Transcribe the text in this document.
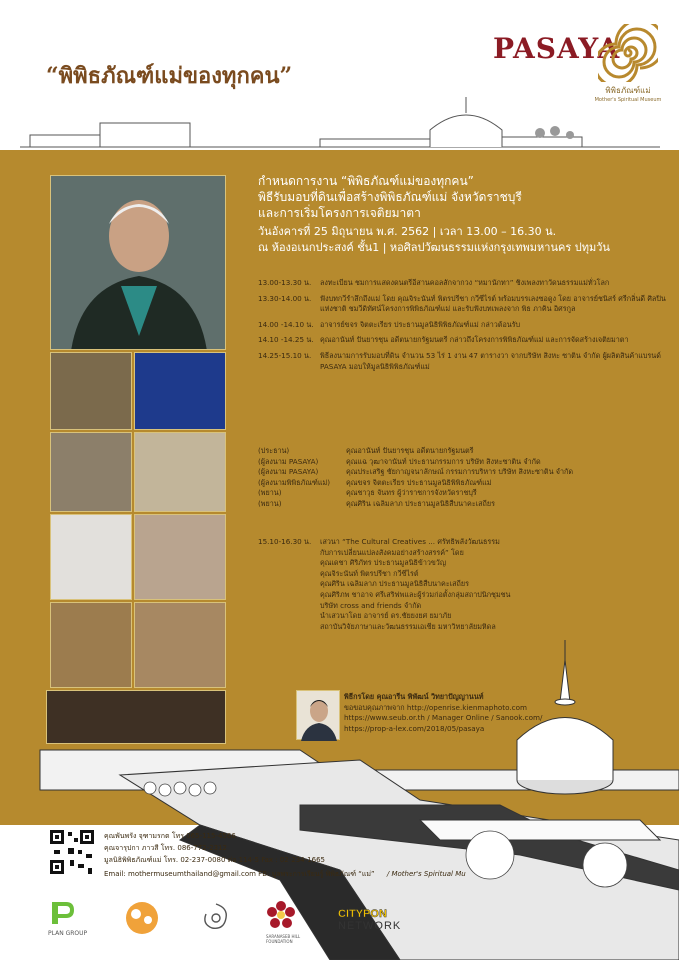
“พิพิธภัณฑ์แม่ของทุกคน”
PASAYA
พิพิธภัณฑ์แม่
Mother's Spiritual Museum
กำหนดการงาน “พิพิธภัณฑ์แม่ของทุกคน”
พิธีรับมอบที่ดินเพื่อสร้างพิพิธภัณฑ์แม่ จังหวัดราชบุรี
และการเริ่มโครงการเจติยมาตา
วันอังคารที่ 25 มิถุนายน พ.ศ. 2562 | เวลา 13.00 – 16.30 น.
ณ ห้องอเนกประสงค์ ชั้น1 | หอศิลปวัฒนธรรมแห่งกรุงเทพมหานคร ปทุมวัน
13.00-13.30 น.	ลงทะเบียน ชมการแสดงดนตรีอีสานคอลสักจากวง “หมานักทา” ชิงเพลงทาวัดนธรรมแม่ทั่วโลก
13.30-14.00 น.	ฟังบทกวีรำลึกถึงแม่ โดย คุณจิระนันท์ พิตรปรีชา กวีซีไรต์ พร้อมบรรเลงซอดูง โดย อาจารย์ชนิสร์ ศรีกลิ่นดี ศิลปินแห่งชาติ ชมวีดิทัศน์โครงการพิพิธภัณฑ์แม่ และรับฟังบทเพลงจาก พิธ ภาคิน อิศรกูล
14.00 -14.10 น. อาจารย์ขจร จิตตะเรียร ประธานมูลนิธิพิพิธภัณฑ์แม่ กล่าวต้อนรับ
14.10 -14.25 น. คุณอานันท์ ปันยารชุน อดีตนายกรัฐมนตรี กล่าวถึงโครงการพิพิธภัณฑ์แม่ และการจัดสร้างเจติยมาตา
14.25-15.10 น.	พิธีลงนามการรับมอบที่ดิน จำนวน 53 ไร่ 1 งาน 47 ตารางวา จากบริษัท สิงหะ ซาติน จำกัด ผู้ผลิตสินค้าแบรนด์ PASAYA มอบให้มูลนิธิพิพิธภัณฑ์แม่
(ประธาน)	คุณอานันท์ ปันยารชุน อดีตนายกรัฐมนตรี
(ผู้ลงนาม PASAYA)	คุณแฉ วุฒาจานันท์ ประธานกรรมการ บริษัท สิงหะซาติน จำกัด
(ผู้ลงนาม PASAYA)	คุณประเสริฐ ชัยกาญจนาลักษณ์ กรรมการบริหาร บริษัท สิงหะซาติน จำกัด
(ผู้ลงนามพิพิธภัณฑ์แม่)	คุณขจร จิตตะเรียร ประธานมูลนิธิพิพิธภัณฑ์แม่
(พยาน)	คุณชาวุธ จันทร ผู้ว่าราชการจังหวัดราชบุรี
(พยาน)	คุณศิริน เฉลิมลาภ ประธานมูลนิธิสืบนาคะเสถียร
15.10-16.30 น.	เสวนา “The Cultural Creatives ... ศรัทธิพลังวัฒนธรรม
กับการเปลี่ยนแปลงสังคมอย่างสร้างสรรค์” โดย
คุณเดชา ศิริภัทร ประธานมูลนิธิข้าวขวัญ
คุณจิระนันท์ พิตรปรีชา กวีซีไรต์
คุณศิริน เฉลิมลาภ ประธานมูลนิธิสืบนาคะเสถียร
คุณศิริภพ ชาอาจ ศรีเสริฟพและผู้ร่วมก่อตั้งกลุ่มสถาปนิกชุมชน
บริษัท cross and friends จำกัด
นำเสวนาโดย อาจารย์ ดร.ชัยยงยศ ยมาภัย
สถาบันวิจัยภาษาและวัฒนธรรมเอเชีย มหาวิทยาลัยมหิดล
พิธีกรโดย คุณอารีน พิพัฒน์ วิทยาปัญญานนท์
ขอขอบคุณภาพจาก http://openrise.kienmaphoto.com
https://www.seub.or.th / Manager Online / Sanook.com/
https://prop-a-lex.com/2018/05/pasaya
คุณพันพรัง จุฑามรกต โทร 065-115-4566
คุณจารุปกา ภาวสี โทร. 086-772-2312
มูลนิธิพิพิธภัณฑ์แม่ โทร. 02-237-0080 ต่อ 114-5 Fax : 02-234-1665
Email: mothermuseumthailand@gmail.com FB: มูลพระการเรียนรู้ พิพิธภัณฑ์ “แม่” / Mother's Spiritual Mu
PLAN GROUP	SARANASEB HILL FOUNDATION
CITYPON
NETWORK
